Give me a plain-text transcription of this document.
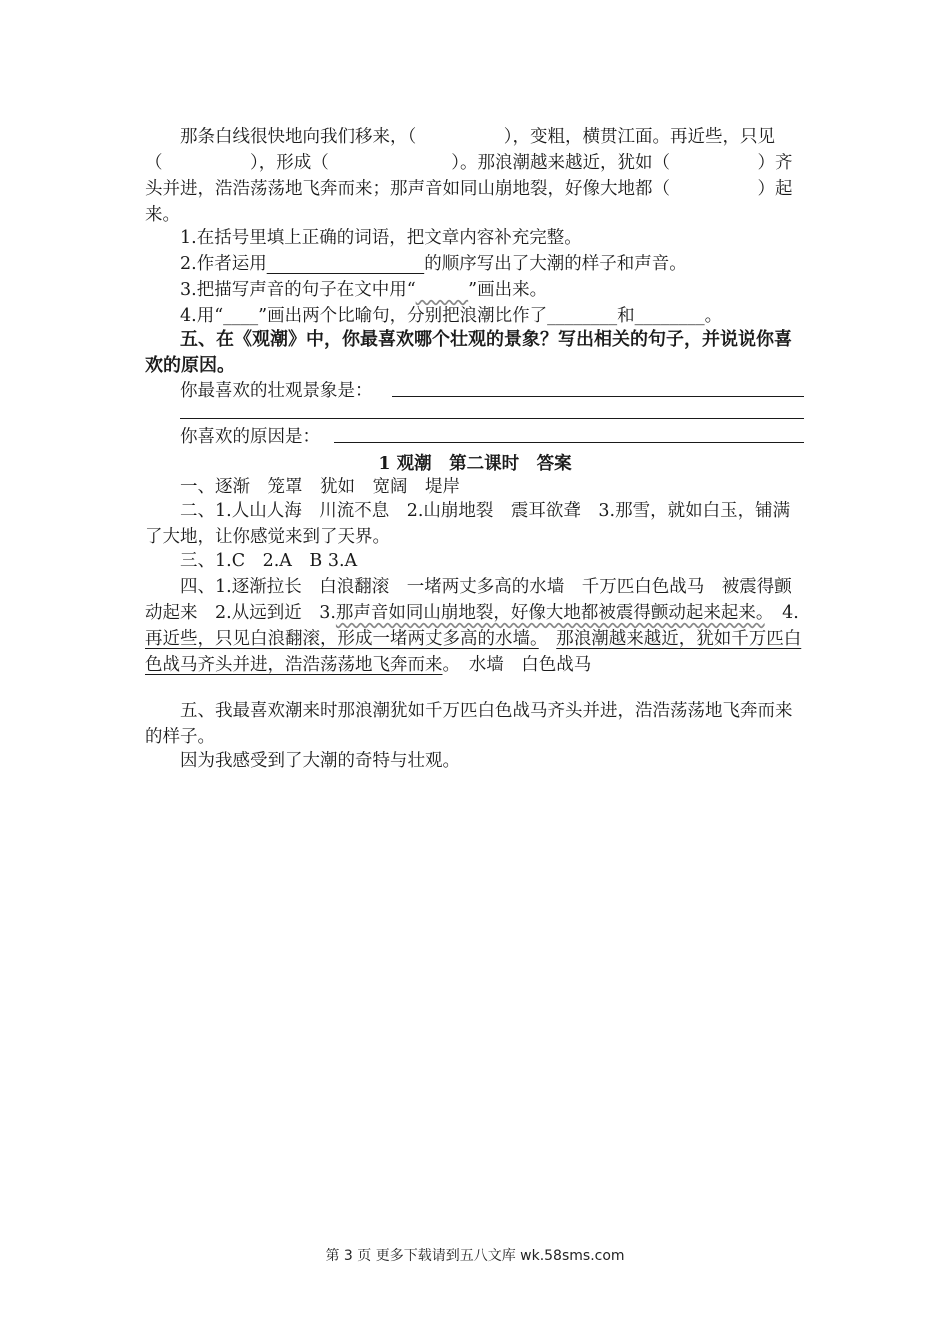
那条白线很快地向我们移来，（　　　　　），变粗，横贯江面。再近些，只见（　　　　　），形成（　　　　　　　）。那浪潮越来越近，犹如（　　　　　）齐头并进，浩浩荡荡地飞奔而来；那声音如同山崩地裂，好像大地都（　　　　　）起来。

1.在括号里填上正确的词语，把文章内容补充完整。

2.作者运用　　　　　　　　　	的顺序写出了大潮的样子和声音。

3.把描写声音的句子在文中用“　　　	”画出来。

4.用“____”画出两个比喻句，分别把浪潮比作了________和________。

五、在《观潮》中，你最喜欢哪个壮观的景象？写出相关的句子，并说说你喜欢的原因。

你最喜欢的壮观景象是：
你喜欢的原因是：
1 观潮　第二课时　答案

一、逐渐　笼罩　犹如　宽阔　堤岸

二、1.人山人海　川流不息　2.山崩地裂　震耳欲聋　3.那雪，就如白玉，铺满了大地，让你感觉来到了天界。

三、1.C　2.A　B 3.A

四、1.逐渐拉长　白浪翻滚　一堵两丈多高的水墙　千万匹白色战马　被震得颤动起来　2.从远到近　3.那声音如同山崩地裂，好像大地都被震得颤动起来起来。　4.再近些，只见白浪翻滚，形成一堵两丈多高的水墙。　 那浪潮越来越近，犹如千万匹白色战马齐头并进，浩浩荡荡地飞奔而来。　水墙　白色战马

五、我最喜欢潮来时那浪潮犹如千万匹白色战马齐头并进，浩浩荡荡地飞奔而来的样子。

因为我感受到了大潮的奇特与壮观。

第 3 页 更多下载请到五八文库 wk.58sms.com
